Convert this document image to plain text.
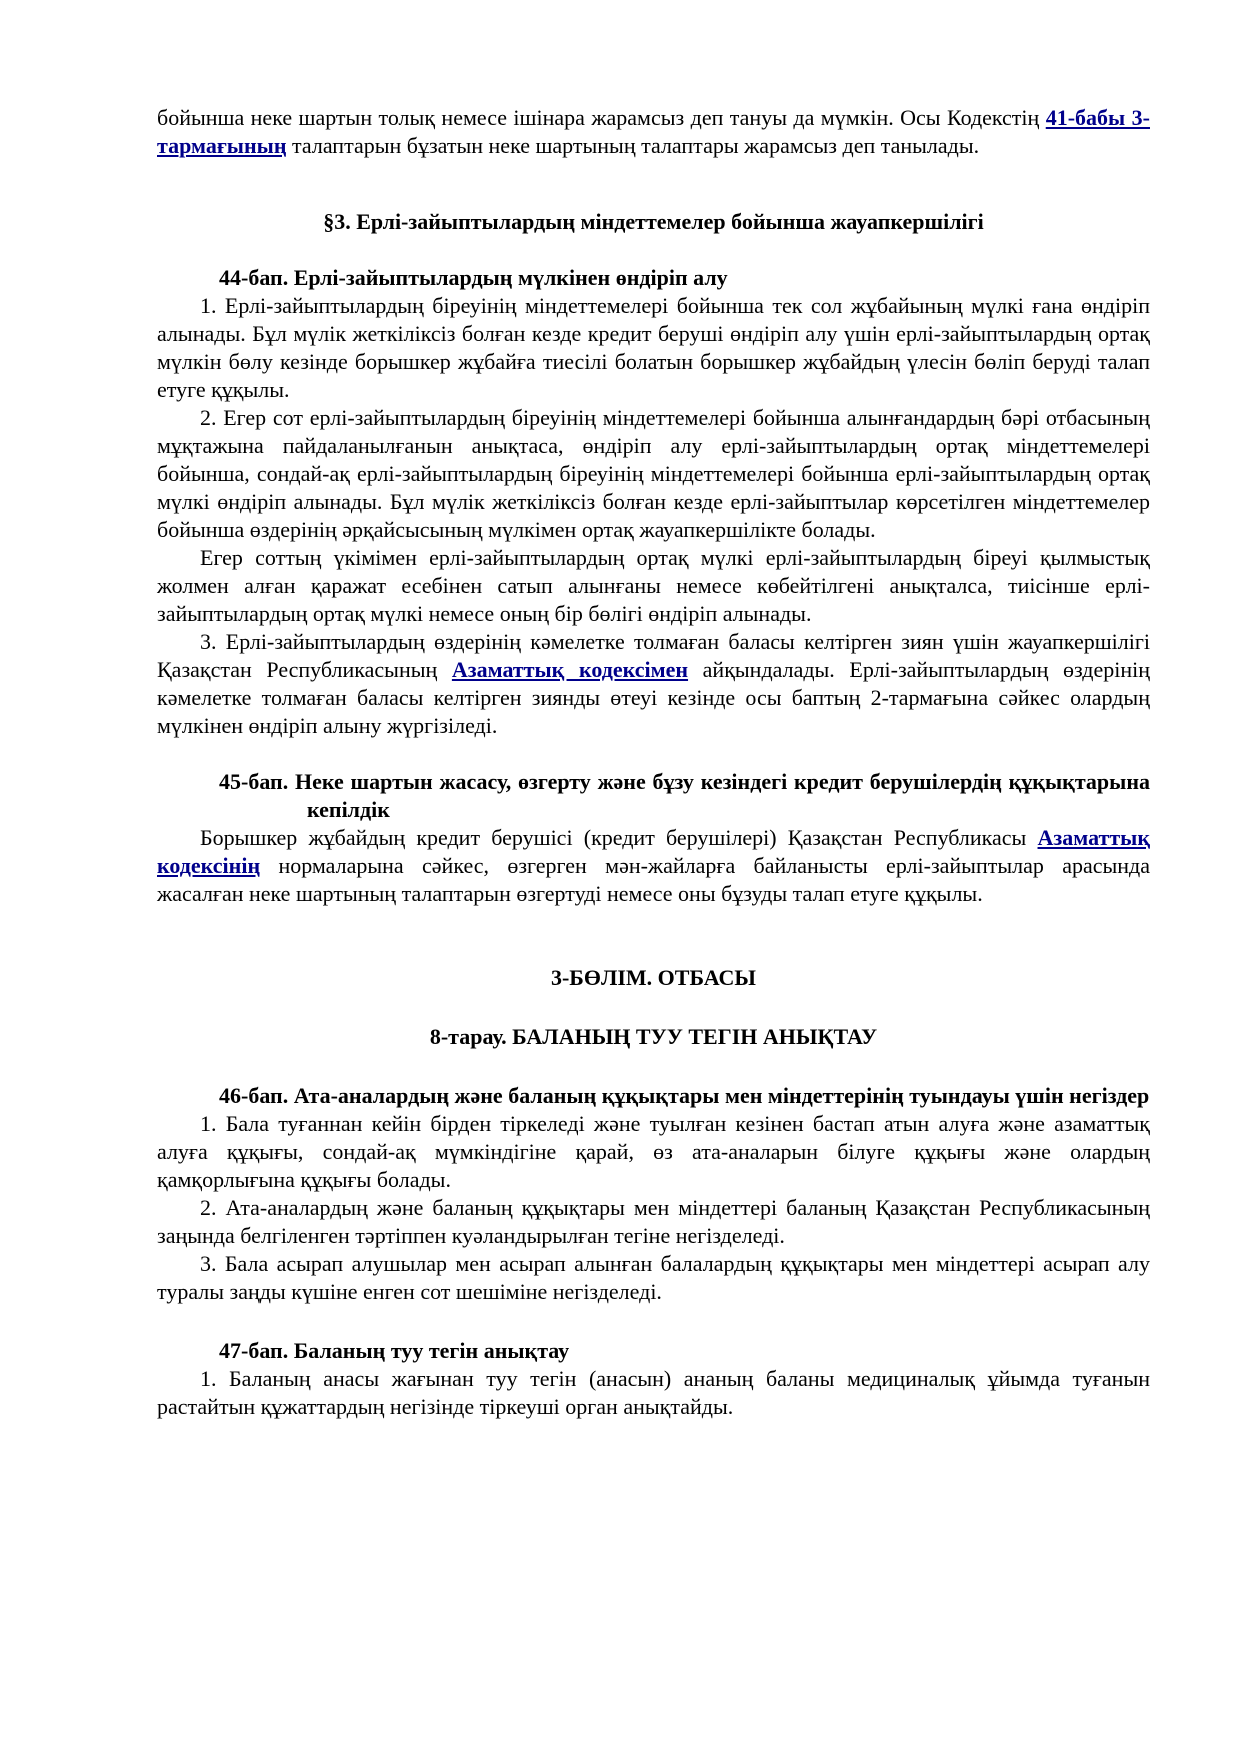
бойынша неке шартын толық немесе ішінара жарамсыз деп тануы да мүмкін. Осы Кодекстің 41-бабы 3-тармағының талаптарын бұзатын неке шартының талаптары жарамсыз деп танылады.
§3. Ерлі-зайыптылардың міндеттемелер бойынша жауапкершілігі
44-бап. Ерлі-зайыптылардың мүлкінен өндіріп алу
1. Ерлі-зайыптылардың біреуінің міндеттемелері бойынша тек сол жұбайының мүлкі ғана өндіріп алынады. Бұл мүлік жеткіліксіз болған кезде кредит беруші өндіріп алу үшін ерлі-зайыптылардың ортақ мүлкін бөлу кезінде борышкер жұбайға тиесілі болатын борышкер жұбайдың үлесін бөліп беруді талап етуге құқылы.
2. Егер сот ерлі-зайыптылардың біреуінің міндеттемелері бойынша алынғандардың бәрі отбасының мұқтажына пайдаланылғанын анықтаса, өндіріп алу ерлі-зайыптылардың ортақ міндеттемелері бойынша, сондай-ақ ерлі-зайыптылардың біреуінің міндеттемелері бойынша ерлі-зайыптылардың ортақ мүлкі өндіріп алынады. Бұл мүлік жеткіліксіз болған кезде ерлі-зайыптылар көрсетілген міндеттемелер бойынша өздерінің әрқайсысының мүлкімен ортақ жауапкершілікте болады.
Егер соттың үкімімен ерлі-зайыптылардың ортақ мүлкі ерлі-зайыптылардың біреуі қылмыстық жолмен алған қаражат есебінен сатып алынғаны немесе көбейтілгені анықталса, тиісінше ерлі-зайыптылардың ортақ мүлкі немесе оның бір бөлігі өндіріп алынады.
3. Ерлі-зайыптылардың өздерінің кәмелетке толмаған баласы келтірген зиян үшін жауапкершілігі Қазақстан Республикасының Азаматтық кодексімен айқындалады. Ерлі-зайыптылардың өздерінің кәмелетке толмаған баласы келтірген зиянды өтеуі кезінде осы баптың 2-тармағына сәйкес олардың мүлкінен өндіріп алыну жүргізіледі.
45-бап. Неке шартын жасасу, өзгерту және бұзу кезіндегі кредит берушілердің құқықтарына кепілдік
Борышкер жұбайдың кредит берушісі (кредит берушілері) Қазақстан Республикасы Азаматтық кодексінің нормаларына сәйкес, өзгерген мән-жайларға байланысты ерлі-зайыптылар арасында жасалған неке шартының талаптарын өзгертуді немесе оны бұзуды талап етуге құқылы.
3-БӨЛІМ. ОТБАСЫ
8-тарау. БАЛАНЫҢ ТУУ ТЕГІН АНЫҚТАУ
46-бап. Ата-аналардың және баланың құқықтары мен міндеттерінің туындауы үшін негіздер
1. Бала туғаннан кейін бірден тіркеледі және туылған кезінен бастап атын алуға және азаматтық алуға құқығы, сондай-ақ мүмкіндігіне қарай, өз ата-аналарын білуге құқығы және олардың қамқорлығына құқығы болады.
2. Ата-аналардың және баланың құқықтары мен міндеттері баланың Қазақстан Республикасының заңында белгіленген тәртіппен куәландырылған тегіне негізделеді.
3. Бала асырап алушылар мен асырап алынған балалардың құқықтары мен міндеттері асырап алу туралы заңды күшіне енген сот шешіміне негізделеді.
47-бап. Баланың туу тегін анықтау
1. Баланың анасы жағынан туу тегін (анасын) ананың баланы медициналық ұйымда туғанын растайтын құжаттардың негізінде тіркеуші орган анықтайды.
